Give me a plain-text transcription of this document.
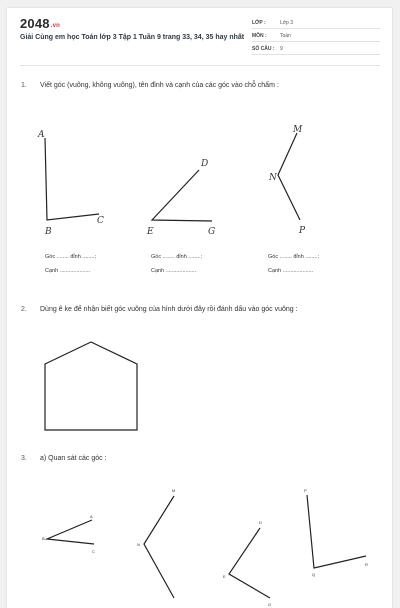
2048.vn
Giải Cùng em học Toán lớp 3 Tập 1 Tuần 9 trang 33, 34, 35 hay nhất
LỚP :	Lớp 3
MÔN :	Toán
SỐ CÂU :	9
1. Viết góc (vuông, không vuông), tên đỉnh và cạnh của các góc vào chỗ chấm :
2. Dùng ê ke để nhận biết góc vuông của hình dưới đây rồi đánh dấu vào góc vuông :
3. a) Quan sát các góc :
Góc ........ đỉnh ........;
Cạnh ....................
Góc ........ đỉnh ........;
Cạnh ....................
Góc ........ đỉnh ........;
Cạnh ....................
A
B
C
D
E	G
M
N
P
A
B
C
M
N
D
E
G
P
Q
R
